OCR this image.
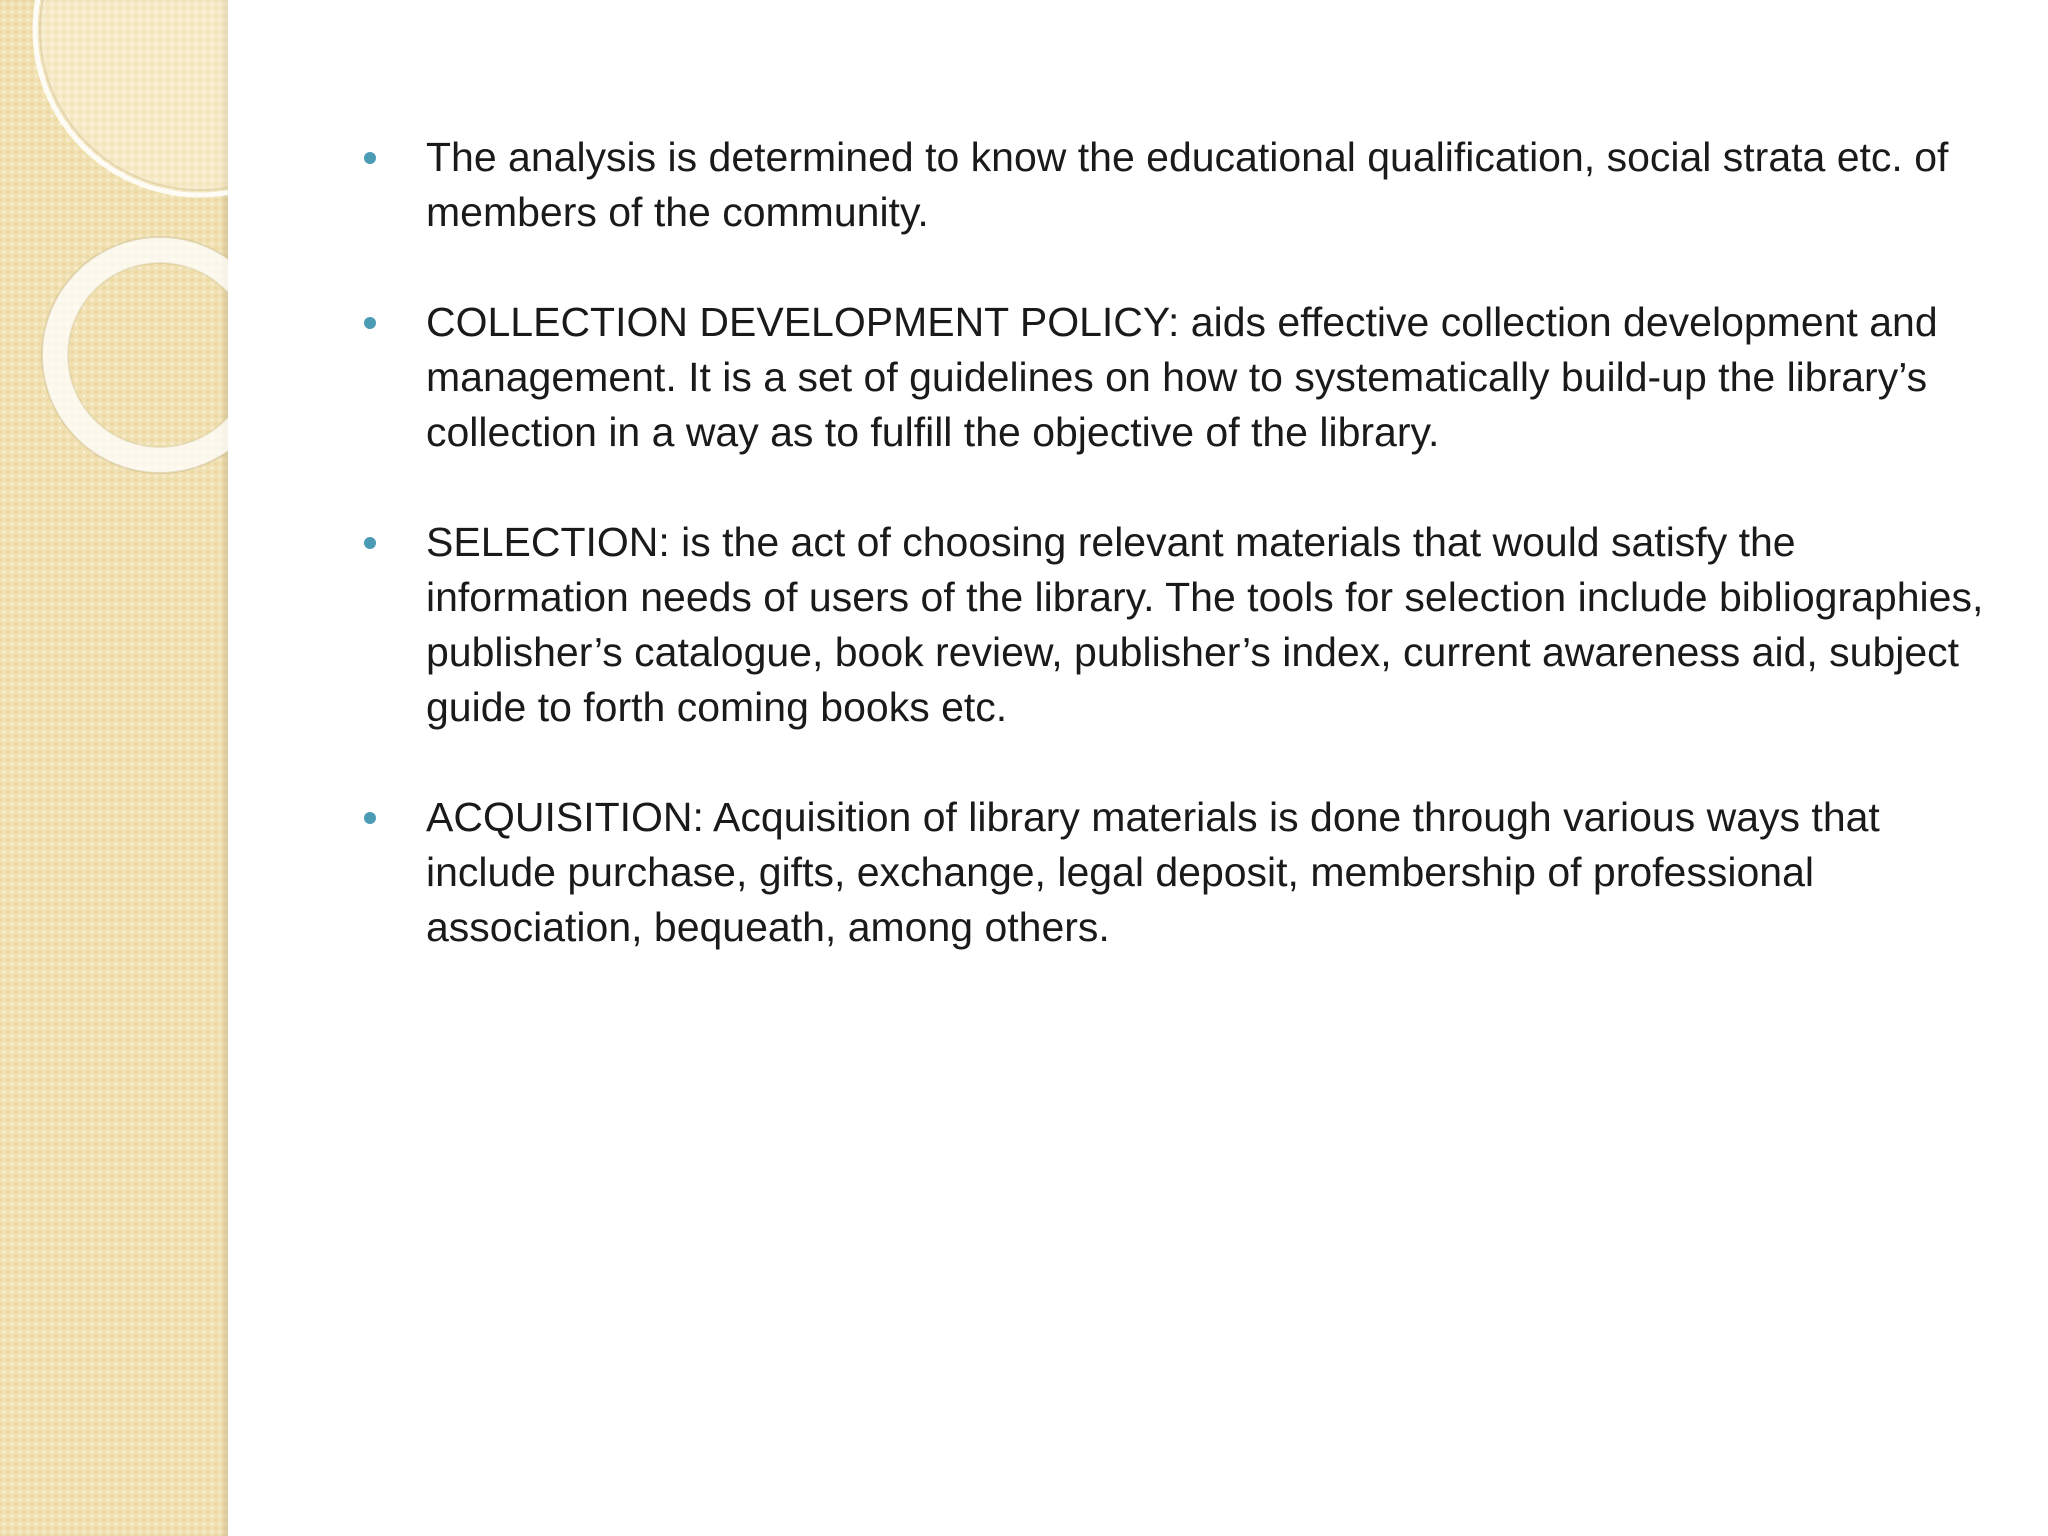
The analysis is determined to know the educational qualification, social strata etc. of members of the community.
COLLECTION DEVELOPMENT POLICY: aids effective collection development and management. It is a set of guidelines on how to systematically build-up the library’s collection in a way as to fulfill the objective of the library.
SELECTION: is the act of choosing relevant materials that would satisfy the information needs of users of the library. The tools for selection include bibliographies, publisher’s catalogue, book review, publisher’s index, current awareness aid, subject guide to forth coming books etc.
ACQUISITION: Acquisition of library materials is done through various ways that include purchase, gifts, exchange, legal deposit, membership of professional association, bequeath, among others.
